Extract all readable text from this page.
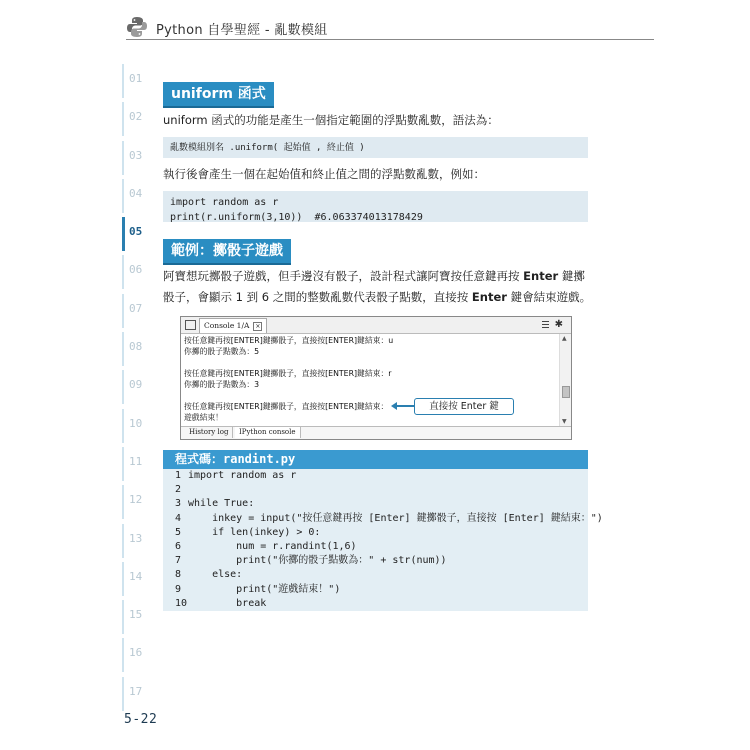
Python 自學聖經 - 亂數模組
01
02
03
04
05
06
07
08
09
10
11
12
13
14
15
16
17
uniform 函式
uniform 函式的功能是產生一個指定範圍的浮點數亂數，語法為：
亂數模組別名 .uniform( 起始值 , 終止值 )
執行後會產生一個在起始值和終止值之間的浮點數亂數，例如：
import random as r
print(r.uniform(3,10))  #6.063374013178429
範例：擲骰子遊戲
阿寶想玩擲骰子遊戲，但手邊沒有骰子，設計程式讓阿寶按任意鍵再按 Enter 鍵擲
骰子，會顯示 1 到 6 之間的整數亂數代表骰子點數，直接按 Enter 鍵會結束遊戲。
Console 1/A ×	✱
按任意鍵再按[ENTER]鍵擲骰子，直接按[ENTER]鍵結束：u
你擲的骰子點數為：5
按任意鍵再按[ENTER]鍵擲骰子，直接按[ENTER]鍵結束：r
你擲的骰子點數為：3
按任意鍵再按[ENTER]鍵擲骰子，直接按[ENTER]鍵結束：
遊戲結束！
▲
▼
History log	IPython console
直接按 Enter 鍵
程式碼：randint.py
1 import random as r
2
3 while True:
4 inkey = input("按任意鍵再按 [Enter] 鍵擲骰子，直接按 [Enter] 鍵結束：")
5 if len(inkey) > 0:
6 num = r.randint(1,6)
7 print("你擲的骰子點數為：" + str(num))
8 else:
9 print("遊戲結束！")
10 break
5-22
